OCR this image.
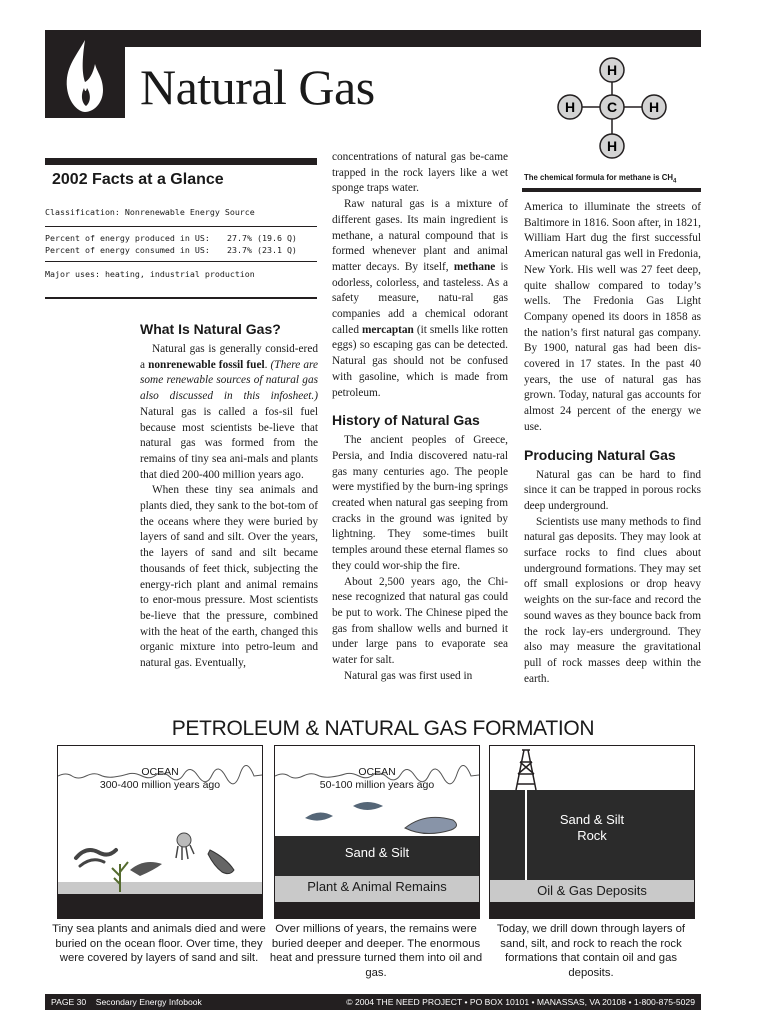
Natural Gas	H
H C H
H
The chemical formula for methane is $CH_4$
2002 Facts at a Glance
Classification: Nonrenewable Energy Source
Percent of energy produced in US: 27.7% (19.6 Q)
Percent of energy consumed in US: 23.7% (23.1 Q)
Major uses: heating, industrial production
What Is Natural Gas?

Natural gas is generally consid-ered a nonrenewable fossil fuel. (There are some renewable sources of natural gas also discussed in this infosheet.) Natural gas is called a fos-sil fuel because most scientists be-lieve that natural gas was formed from the remains of tiny sea ani-mals and plants that died 200-400 million years ago.

When these tiny sea animals and plants died, they sank to the bot-tom of the oceans where they were buried by layers of sand and silt. Over the years, the layers of sand and silt became thousands of feet thick, subjecting the energy-rich plant and animal remains to enor-mous pressure. Most scientists be-lieve that the pressure, combined with the heat of the earth, changed this organic mixture into petro-leum and natural gas. Eventually,

concentrations of natural gas be-came trapped in the rock layers like a wet sponge traps water.

Raw natural gas is a mixture of different gases. Its main ingredient is methane, a natural compound that is formed whenever plant and animal matter decays. By itself, methane is odorless, colorless, and tasteless. As a safety measure, natu-ral gas companies add a chemical odorant called mercaptan (it smells like rotten eggs) so escaping gas can be detected. Natural gas should not be confused with gasoline, which is made from petroleum.

History of Natural Gas

The ancient peoples of Greece, Persia, and India discovered natu-ral gas many centuries ago. The people were mystified by the burn-ing springs created when natural gas seeping from cracks in the ground was ignited by lightning. They some-times built temples around these eternal flames so they could wor-ship the fire.

About 2,500 years ago, the Chi-nese recognized that natural gas could be put to work. The Chinese piped the gas from shallow wells and burned it under large pans to evaporate sea water for salt.

Natural gas was first used in

America to illuminate the streets of Baltimore in 1816. Soon after, in 1821, William Hart dug the first successful American natural gas well in Fredonia, New York. His well was 27 feet deep, quite shallow compared to today’s wells. The Fredonia Gas Light Company opened its doors in 1858 as the nation’s first natural gas company. By 1900, natural gas had been dis-covered in 17 states. In the past 40 years, the use of natural gas has grown. Today, natural gas accounts for almost 24 percent of the energy we use.

Producing Natural Gas

Natural gas can be hard to find since it can be trapped in porous rocks deep underground.

Scientists use many methods to find natural gas deposits. They may look at surface rocks to find clues about underground formations. They may set off small explosions or drop heavy weights on the sur-face and record the sound waves as they bounce back from the rock lay-ers underground. They also may measure the gravitational pull of rock masses deep within the earth.

PETROLEUM & NATURAL GAS FORMATION
OCEAN
300-400 million years ago
OCEAN
50-100 million years ago
Sand & Silt
Plant & Animal Remains
Sand & Silt
Rock
Oil & Gas Deposits
Tiny sea plants and animals died and were buried on the ocean floor. Over time, they were covered by layers of sand and silt.
Over millions of years, the remains were buried deeper and deeper. The enormous heat and pressure turned them into oil and gas.
Today, we drill down through layers of sand, silt, and rock to reach the rock formations that contain oil and gas deposits.
PAGE 30 Secondary Energy Infobook	© 2004 THE NEED PROJECT • PO BOX 10101 • MANASSAS, VA 20108 • 1-800-875-5029
